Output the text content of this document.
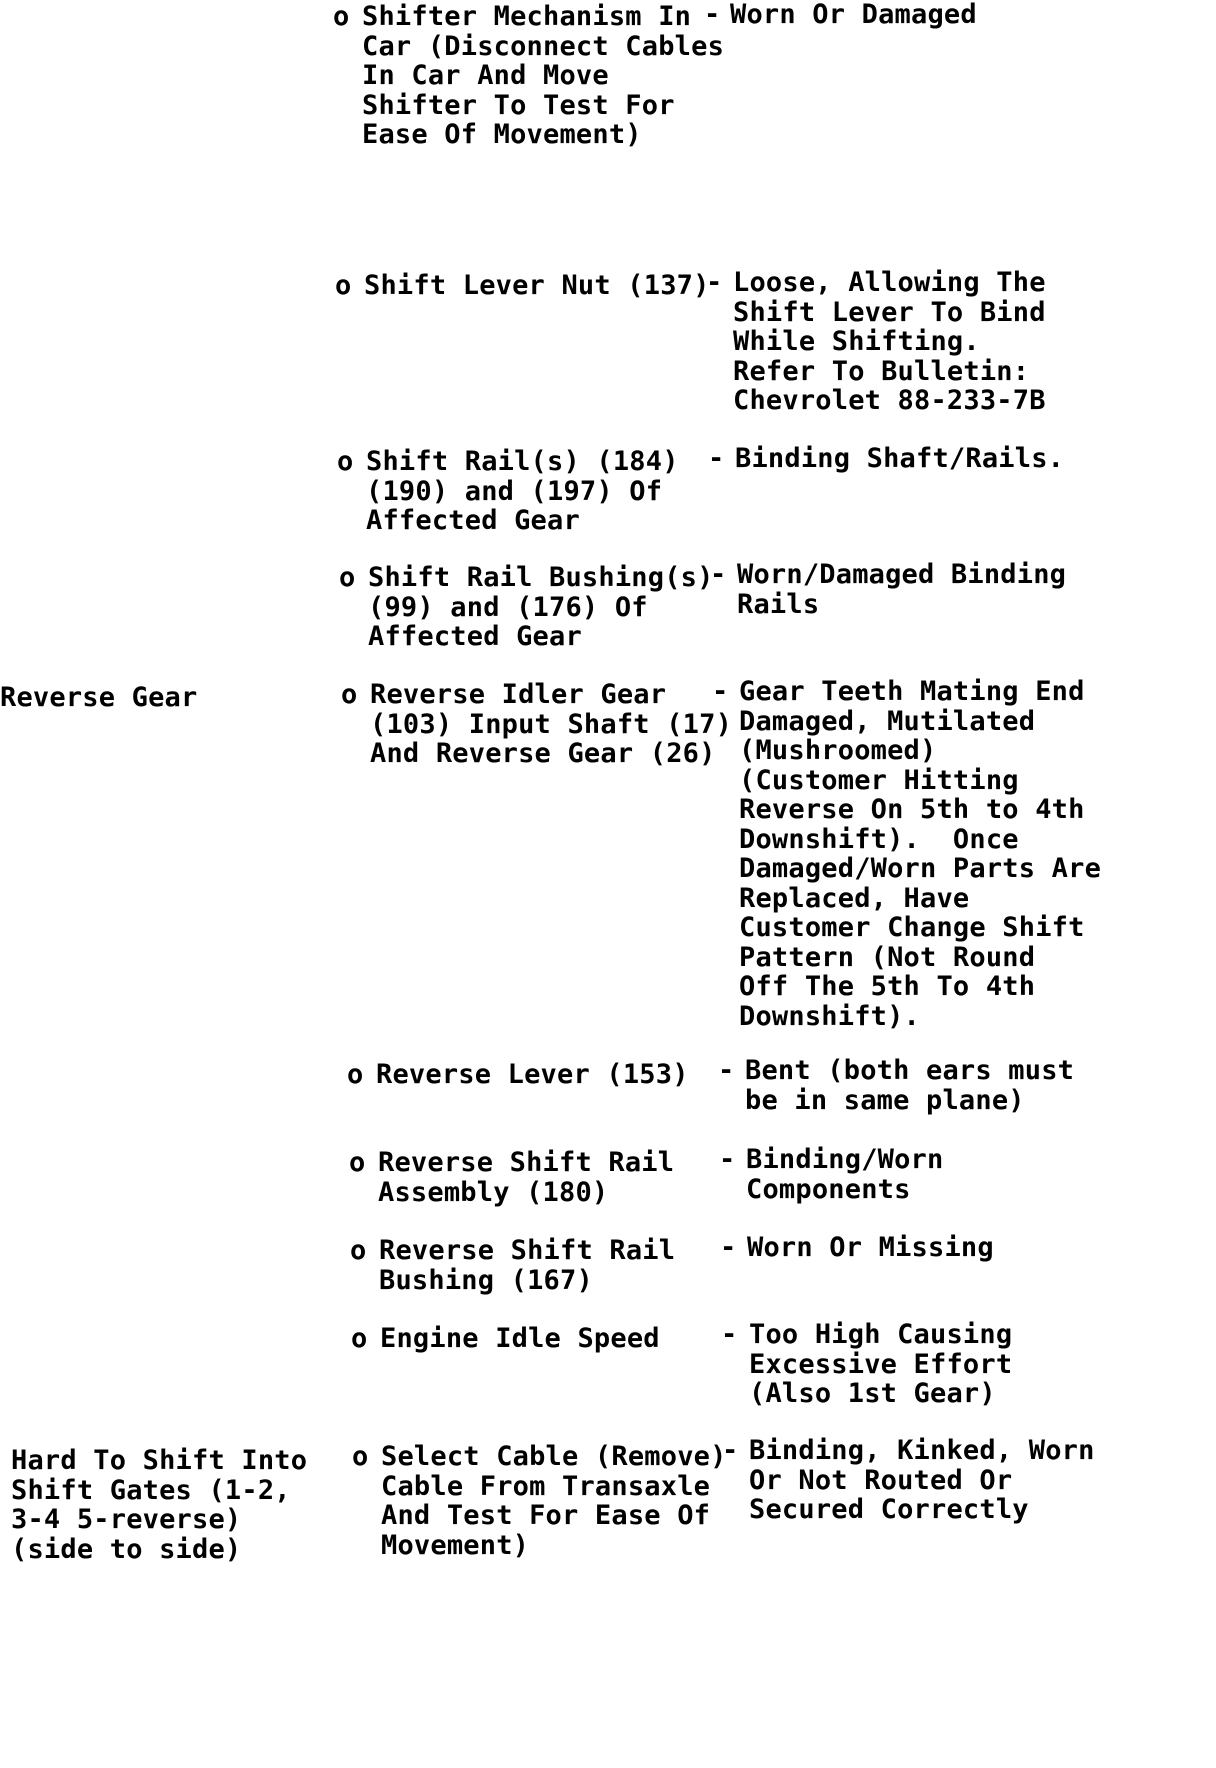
o Shifter Mechanism In
Car (Disconnect Cables
In Car And Move
Shifter To Test For
Ease Of Movement)
- Worn Or Damaged
o Shift Lever Nut (137)
- Loose, Allowing The
Shift Lever To Bind
While Shifting.
Refer To Bulletin:
Chevrolet 88-233-7B
o Shift Rail(s) (184)
(190) and (197) Of
Affected Gear
- Binding Shaft/Rails.
o Shift Rail Bushing(s)
(99) and (176) Of
Affected Gear
- Worn/Damaged Binding
Rails
Reverse Gear	o Reverse Idler Gear
(103) Input Shaft (17)
And Reverse Gear (26)
- Gear Teeth Mating End
Damaged, Mutilated
(Mushroomed)
(Customer Hitting
Reverse On 5th to 4th
Downshift).  Once
Damaged/Worn Parts Are
Replaced, Have
Customer Change Shift
Pattern (Not Round
Off The 5th To 4th
Downshift).
o Reverse Lever (153) - Bent (both ears must
be in same plane)
o Reverse Shift Rail
Assembly (180)
- Binding/Worn
Components
o Reverse Shift Rail
Bushing (167)
- Worn Or Missing
o Engine Idle Speed - Too High Causing
Excessive Effort
(Also 1st Gear)
Hard To Shift Into
Shift Gates (1-2,
3-4 5-reverse)
(side to side)
o Select Cable (Remove)
Cable From Transaxle
And Test For Ease Of
Movement)
- Binding, Kinked, Worn
Or Not Routed Or
Secured Correctly
